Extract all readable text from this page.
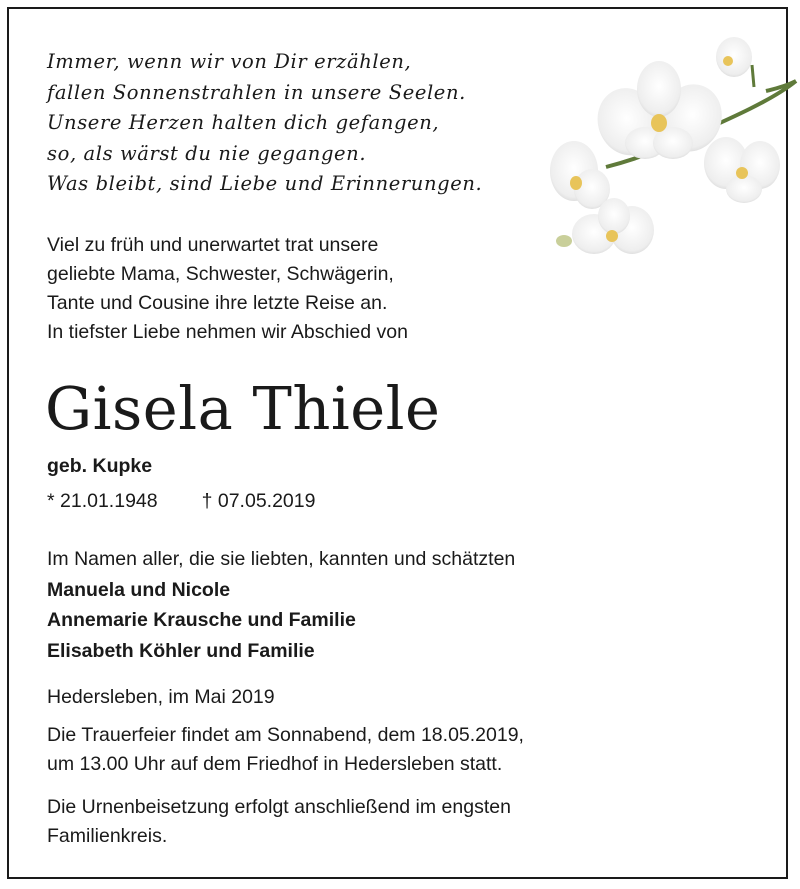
Immer, wenn wir von Dir erzählen,
fallen Sonnenstrahlen in unsere Seelen.
Unsere Herzen halten dich gefangen,
so, als wärst du nie gegangen.
Was bleibt, sind Liebe und Erinnerungen.
Viel zu früh und unerwartet trat unsere
geliebte Mama, Schwester, Schwägerin,
Tante und Cousine ihre letzte Reise an.
In tiefster Liebe nehmen wir Abschied von
Gisela Thiele
geb. Kupke
* 21.01.1948 † 07.05.2019
Im Namen aller, die sie liebten, kannten und schätzten
Manuela und Nicole
Annemarie Krausche und Familie
Elisabeth Köhler und Familie
Hedersleben, im Mai 2019
Die Trauerfeier findet am Sonnabend, dem 18.05.2019,
um 13.00 Uhr auf dem Friedhof in Hedersleben statt.
Die Urnenbeisetzung erfolgt anschließend im engsten
Familienkreis.
